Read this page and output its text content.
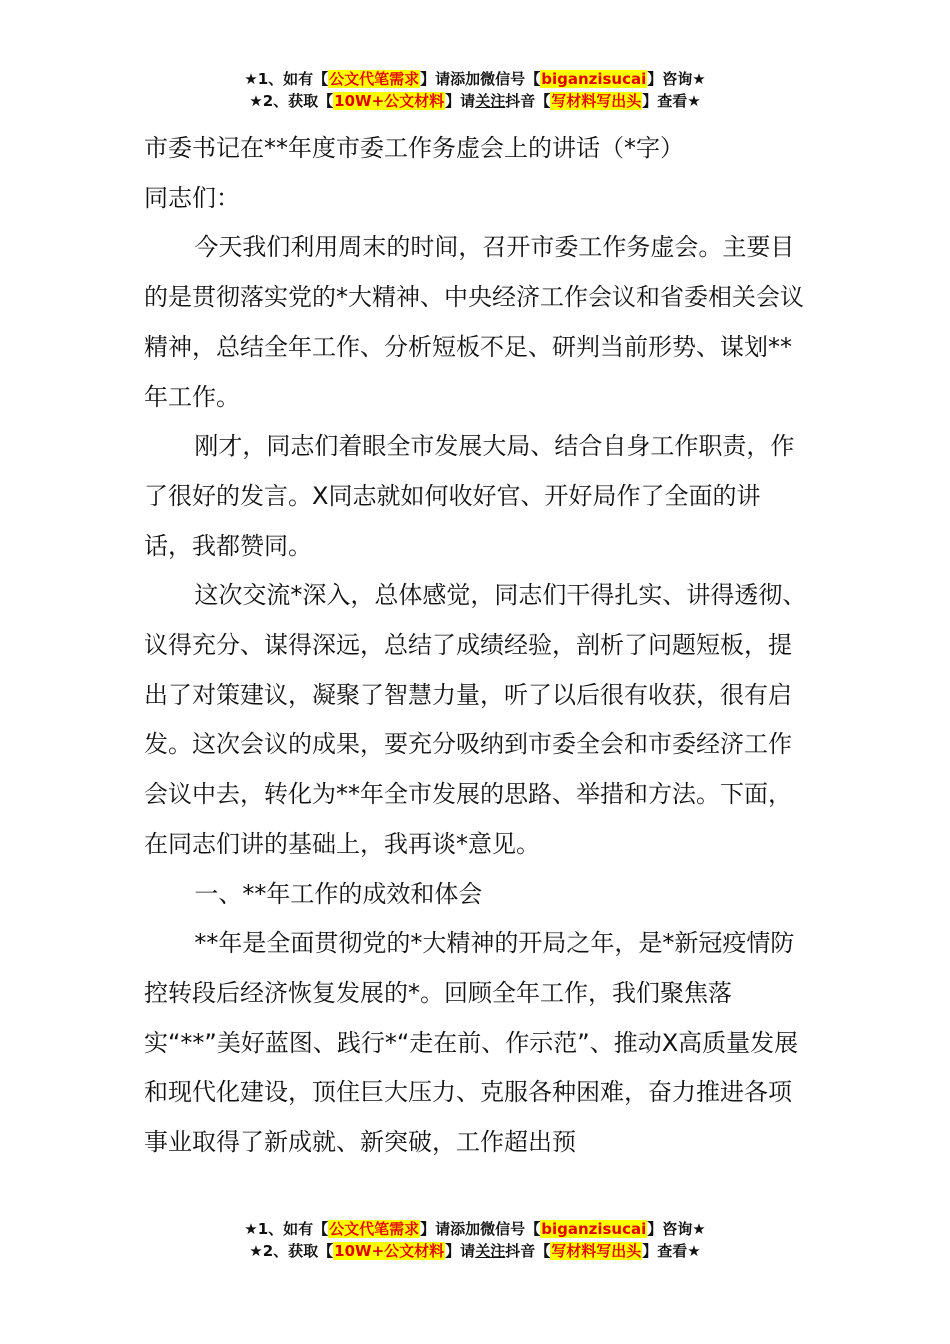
★1、如有【公文代笔需求】请添加微信号【biganzisucai】咨询★
★2、获取【10W+公文材料】请关注抖音【写材料写出头】查看★

市委书记在**年度市委工作务虚会上的讲话（*字）

同志们：

今天我们利用周末的时间，召开市委工作务虚会。主要目的是贯彻落实党的*大精神、中央经济工作会议和省委相关会议精神，总结全年工作、分析短板不足、研判当前形势、谋划**年工作。

刚才，同志们着眼全市发展大局、结合自身工作职责，作了很好的发言。X同志就如何收好官、开好局作了全面的讲话，我都赞同。

这次交流*深入，总体感觉，同志们干得扎实、讲得透彻、议得充分、谋得深远，总结了成绩经验，剖析了问题短板，提出了对策建议，凝聚了智慧力量，听了以后很有收获，很有启发。这次会议的成果，要充分吸纳到市委全会和市委经济工作会议中去，转化为**年全市发展的思路、举措和方法。下面，在同志们讲的基础上，我再谈*意见。

一、**年工作的成效和体会

**年是全面贯彻党的*大精神的开局之年，是*新冠疫情防控转段后经济恢复发展的*。回顾全年工作，我们聚焦落实“**”美好蓝图、践行*“走在前、作示范”、推动X高质量发展和现代化建设，顶住巨大压力、克服各种困难，奋力推进各项事业取得了新成就、新突破，工作超出预

★1、如有【公文代笔需求】请添加微信号【biganzisucai】咨询★
★2、获取【10W+公文材料】请关注抖音【写材料写出头】查看★
